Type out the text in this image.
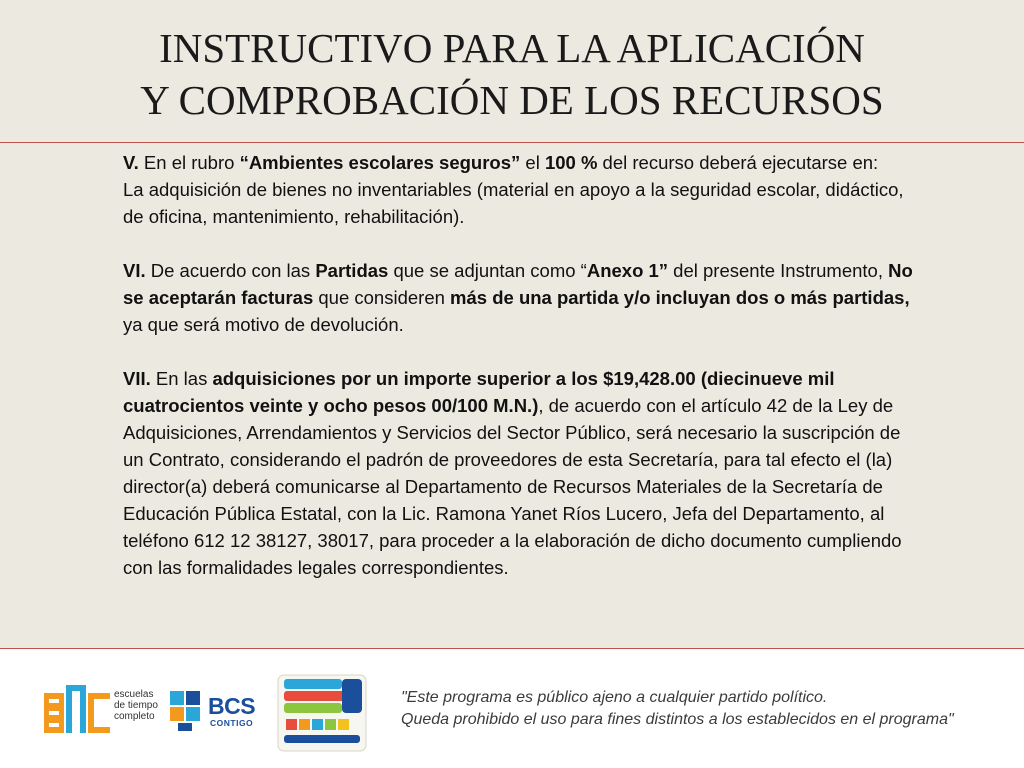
INSTRUCTIVO PARA LA APLICACIÓN
Y COMPROBACIÓN DE LOS RECURSOS

V. En el rubro “Ambientes escolares seguros” el 100 % del recurso deberá ejecutarse en:

La adquisición de bienes no inventariables (material en apoyo a la seguridad escolar, didáctico, de oficina, mantenimiento, rehabilitación).

VI. De acuerdo con las Partidas que se adjuntan como “Anexo 1” del presente Instrumento, No se aceptarán facturas que consideren más de una partida y/o incluyan dos o más partidas, ya que será motivo de devolución.

VII. En las adquisiciones por un importe superior a los $19,428.00 (diecinueve mil cuatrocientos veinte y ocho pesos 00/100 M.N.), de acuerdo con el artículo 42 de la Ley de Adquisiciones, Arrendamientos y Servicios del Sector Público, será necesario la suscripción de un Contrato, considerando el padrón de proveedores de esta Secretaría, para tal efecto el (la) director(a) deberá comunicarse al Departamento de Recursos Materiales de la Secretaría de Educación Pública Estatal, con la Lic. Ramona Yanet Ríos Lucero, Jefa del Departamento, al teléfono 612 12 38127, 38017, para proceder a la elaboración de dicho documento cumpliendo con las formalidades legales correspondientes.

escuelas
de tiempo
completo BCS
CONTIGO
"Este programa es público ajeno a cualquier partido político.
Queda prohibido el uso para fines distintos a los establecidos en el programa"
